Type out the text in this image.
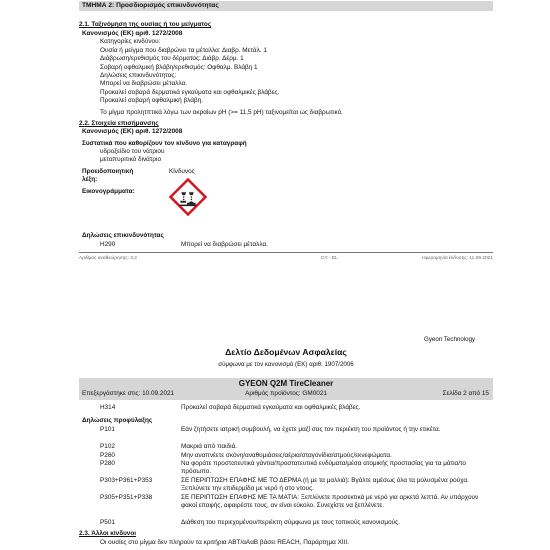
ΤΜΗΜΑ 2: Προσδιορισμός επικινδυνότητας
2.1. Ταξινόμηση της ουσίας ή του μείγματος
Κανονισμός (ΕΚ) αριθ. 1272/2008
Κατηγορίες κινδύνου:
Ουσία ή μείγμα που διαβρώνει τα μέταλλα: Διαβρ. Μετάλ. 1
Διάβρωση/ερεθισμός του δέρματος: Διάβρ. Δέρμ. 1
Σοβαρή οφθαλμική βλάβη/ερεθισμός: Οφθαλμ. Βλάβη 1
Δηλώσεις επικινδυνότητας:
Μπορεί να διαβρώσει μέταλλα.
Προκαλεί σοβαρά δερματικά εγκαύματα και οφθαλμικές βλάβες.
Προκαλεί σοβαρή οφθαλμική βλάβη.
Το μίγμα προλητπτικά λόγω των ακραίων pH (>= 11,5 pH) ταξινομείται ως διαβρωτικό.
2.2. Στοιχεία επισήμανσης
Κανονισμός (ΕΚ) αριθ. 1272/2008
Συστατικά που καθορίζουν τον κίνδυνο για καταγραφή
υδροξείδιο του νάτριου
μεταπυριτικό δινάτριο
Προειδοποιητική
λέξη:
Κίνδυνος
Εικονογράμματα:
Δηλώσεις επικινδυνότητας
H290	Μπορεί να διαβρώσει μέταλλα.
Αριθμός αναθεώρησης: 3,2	CY - EL	Ημερομηνία έκδοσης: 11.09.2021
Gyeon Technology
Δελτίο Δεδομένων Ασφαλείας
σύμφωνα με τον κανονισμό (ΕΚ) αριθ. 1907/2006
GYEON Q2M TireCleaner
Επεξεργάστηκε στις: 10.09.2021	Αριθμός προϊόντος: GM0021	Σελίδα 2 από 15
H314	Προκαλεί σοβαρά δερματικά εγκαύματα και οφθαλμικές βλάβες.
Δηλώσεις προφύλαξης
P101	Εάν ζητήσετε ιατρική συμβουλή, να έχετε μαζί σας τον περιέκτη του προϊόντος ή την ετικέτα.
P102	Μακριά από παιδιά.
P260	Μην αναπνέετε σκόνη/αναθυμιάσεις/αέρια/σταγονίδια/ατμούς/εκνεφώματα.
P280	Να φοράτε προστατευτικά γάντια/προστατευτικά ενδύματα/μέσα ατομικής προστασίας για τα μάτια/το πρόσωπο.
P303+P361+P353	ΣΕ ΠΕΡΙΠΤΩΣΗ ΕΠΑΦΗΣ ΜΕ ΤΟ ΔΕΡΜΑ (ή με τα μαλλιά): Βγάλτε αμέσως όλα τα μολυσμένα ρούχα. Ξεπλύνετε την επιδερμίδα με νερό ή στο ντους.
P305+P351+P338	ΣΕ ΠΕΡΙΠΤΩΣΗ ΕΠΑΦΗΣ ΜΕ ΤΑ ΜΑΤΙΑ: Ξεπλύνετε προσεκτικά με νερό για αρκετά λεπτά. Αν υπάρχουν φακοί επαφής, αφαιρέστε τους, αν είναι εύκολο. Συνεχίστε να ξεπλένετε.
P501	Διάθεση του περιεχομένου/περιέκτη σύμφωνα με τους τοπικούς κανονισμούς.
2.3. Άλλοι κίνδυνοι
Οι ουσίες στο μίγμα δεν πληρούν τα κριτήρια ΑΒΤ/αΑαΒ βάσει REACH, Παράρτημα XIII.
